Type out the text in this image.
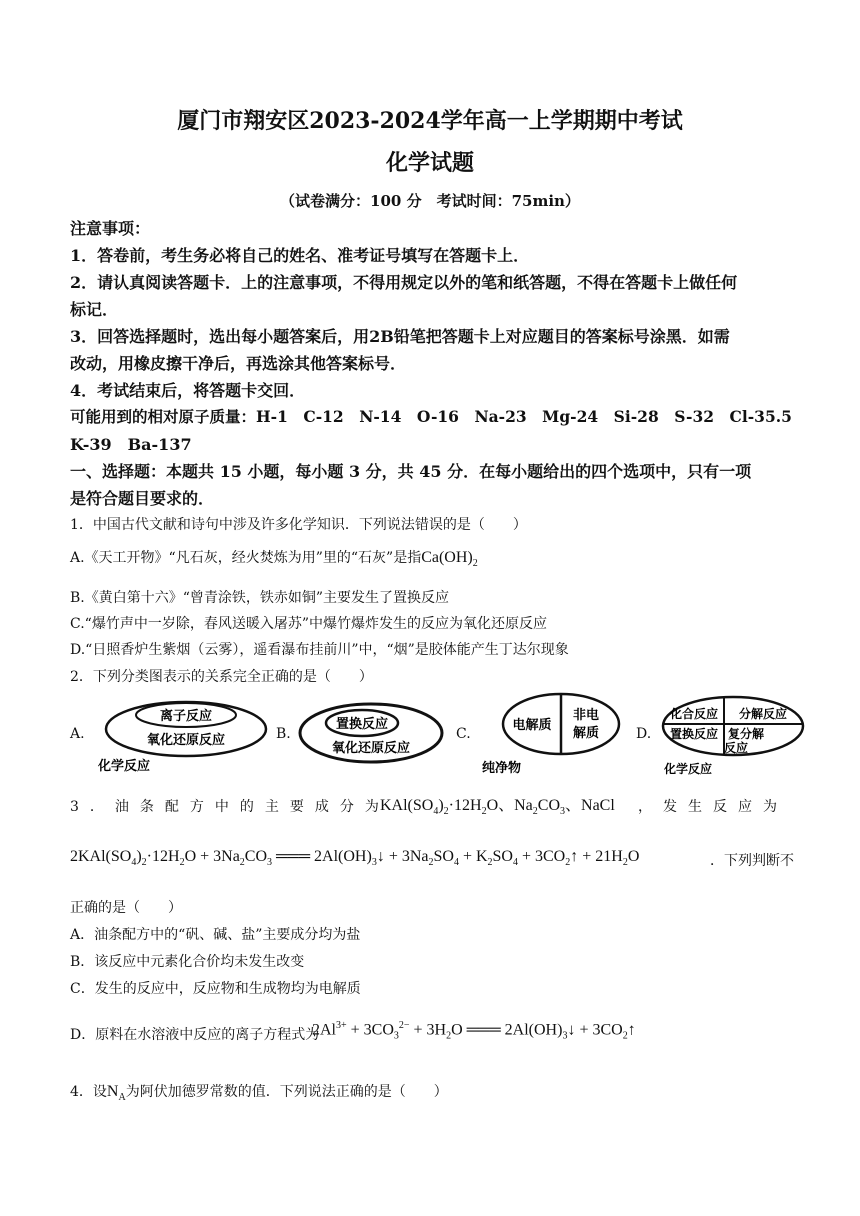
厦门市翔安区2023-2024学年高一上学期期中考试
化学试题
（试卷满分：100 分　考试时间：75min）
注意事项：
1．答卷前，考生务必将自己的姓名、准考证号填写在答题卡上．
2．请认真阅读答题卡．上的注意事项，不得用规定以外的笔和纸答题，不得在答题卡上做任何
标记．
3．回答选择题时，选出每小题答案后，用2B铅笔把答题卡上对应题目的答案标号涂黑．如需
改动，用橡皮擦干净后，再选涂其他答案标号．
4．考试结束后，将答题卡交回．
可能用到的相对原子质量：H-1　C-12　N-14　O-16　Na-23　Mg-24　Si-28　S-32　Cl-35.5
K-39　Ba-137
一、选择题：本题共 15 小题，每小题 3 分，共 45 分．在每小题给出的四个选项中，只有一项
是符合题目要求的．
1．中国古代文献和诗句中涉及许多化学知识．下列说法错误的是（　　）
A.《天工开物》“凡石灰，经火焚炼为用”里的“石灰”是指$Ca(OH)_2$
B.《黄白第十六》“曾青涂铁，铁赤如铜”主要发生了置换反应
C.“爆竹声中一岁除，春风送暖入屠苏”中爆竹爆炸发生的反应为氧化还原反应
D.“日照香炉生紫烟（云雾），遥看瀑布挂前川”中，“烟”是胶体能产生丁达尔现象
2．下列分类图表示的关系完全正确的是（　　）
A.	B.	C.	D.
离子反应
氧化还原反应
化学反应
置换反应
氧化还原反应
电解质
非电
解质
纯净物
化合反应 分解反应
置换反应 复分解
反应
化学反应
3．油条配方中的主要成分为
$KAl(SO_4)_2\cdot 12H_2O$、$Na_2CO_3$、NaCl ，发生反应为
$2KAl(SO_4)_2\cdot 12H_2O + 3Na_2CO_3$ ═══ $2Al(OH)_3↓ + 3Na_2SO_4 + K_2SO_4$ + $3CO_2↑ + 21H_2O$	．下列判断不
正确的是（　　）
A．油条配方中的“矾、碱、盐”主要成分均为盐
B．该反应中元素化合价均未发生改变
C．发生的反应中，反应物和生成物均为电解质
D．原料在水溶液中反应的离子方程式为
$2Al^{3+} + 3CO_3^{2-} + 3H_2O$ ═══ $2Al(OH)_3↓$ + $3CO_2↑$
4．设$N_A$为阿伏加德罗常数的值．下列说法正确的是（　　）
